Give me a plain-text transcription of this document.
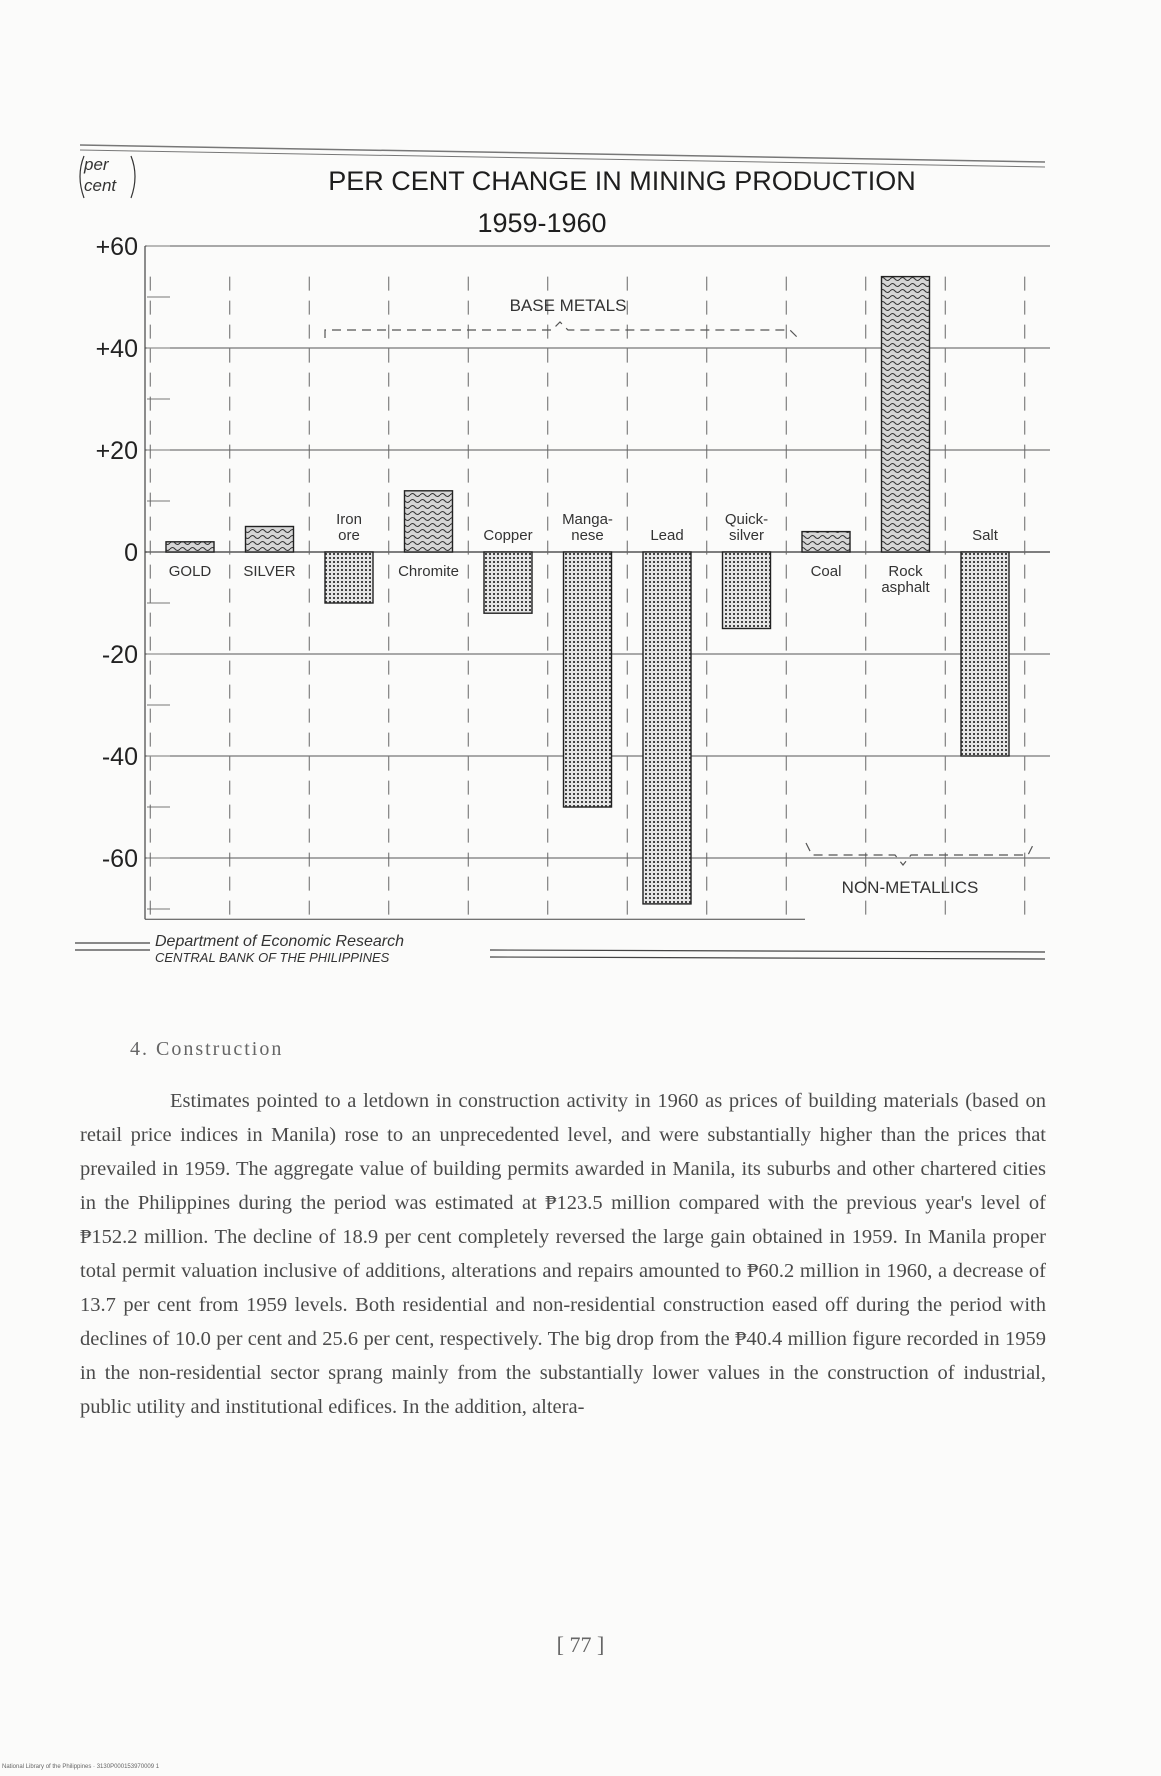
per
cent	PER CENT CHANGE IN MINING PRODUCTION
1959-1960
+60
+40
+20
0
-20
-40
-60
GOLD SILVER
Iron
ore
Chromite
Copper
Manga-
nese	Lead
Quick-
silver
Coal	Rock
asphalt
Salt
BASE METALS
NON-METALLICS
Department of Economic Research
CENTRAL BANK OF THE PHILIPPINES
4. Construction

Estimates pointed to a letdown in construction activity in 1960 as prices of building materials (based on retail price indices in Manila) rose to an unprecedented level, and were substantially higher than the prices that prevailed in 1959. The aggregate value of building permits awarded in Manila, its suburbs and other chartered cities in the Philippines during the period was estimated at ₱123.5 million compared with the previous year's level of ₱152.2 million. The decline of 18.9 per cent completely reversed the large gain obtained in 1959. In Manila proper total permit valuation inclusive of additions, alterations and repairs amounted to ₱60.2 million in 1960, a decrease of 13.7 per cent from 1959 levels. Both residential and non-residential construction eased off during the period with declines of 10.0 per cent and 25.6 per cent, respectively. The big drop from the ₱40.4 million figure recorded in 1959 in the non-residential sector sprang mainly from the substantially lower values in the construction of industrial, public utility and institutional edifices. In the addition, altera-

[ 77 ]
National Library of the Philippines · 3130P000153970009 1
